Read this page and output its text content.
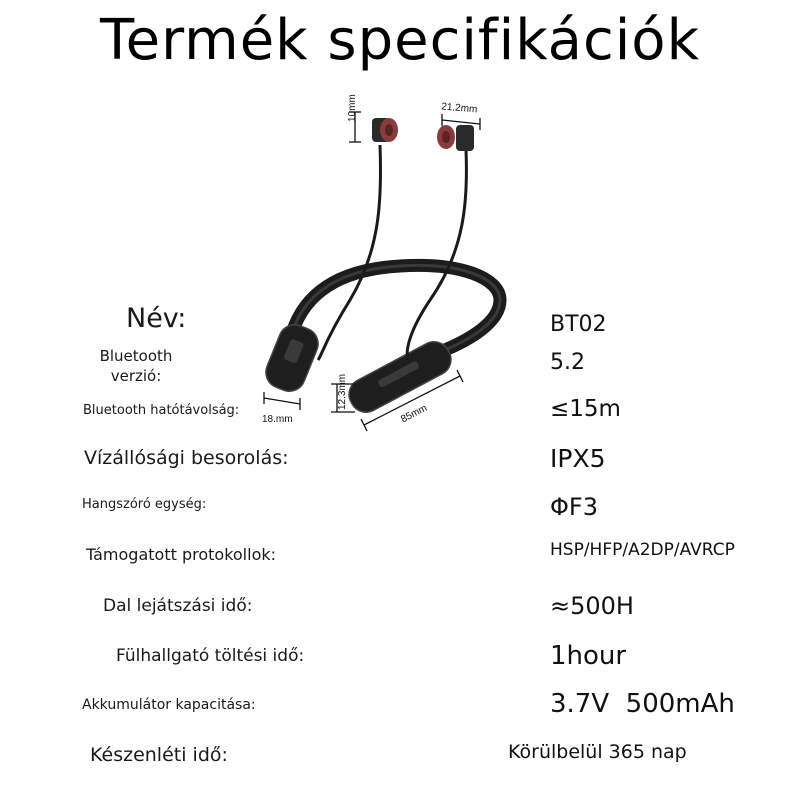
Termék specifikációk
10mm	21.2mm
18.mm
12.3mm
85mm
Név:
Bluetooth
verzió:
Bluetooth hatótávolság:
Vízállósági besorolás:
Hangszóró egység:
Támogatott protokollok:
Dal lejátszási idő:
Fülhallgató töltési idő:
Akkumulátor kapacitása:
Készenléti idő:
BT02
5.2
≤15m
IPX5
ΦF3
HSP/HFP/A2DP/AVRCP
≈500H
1hour
3.7V  500mAh
Körülbelül 365 nap
